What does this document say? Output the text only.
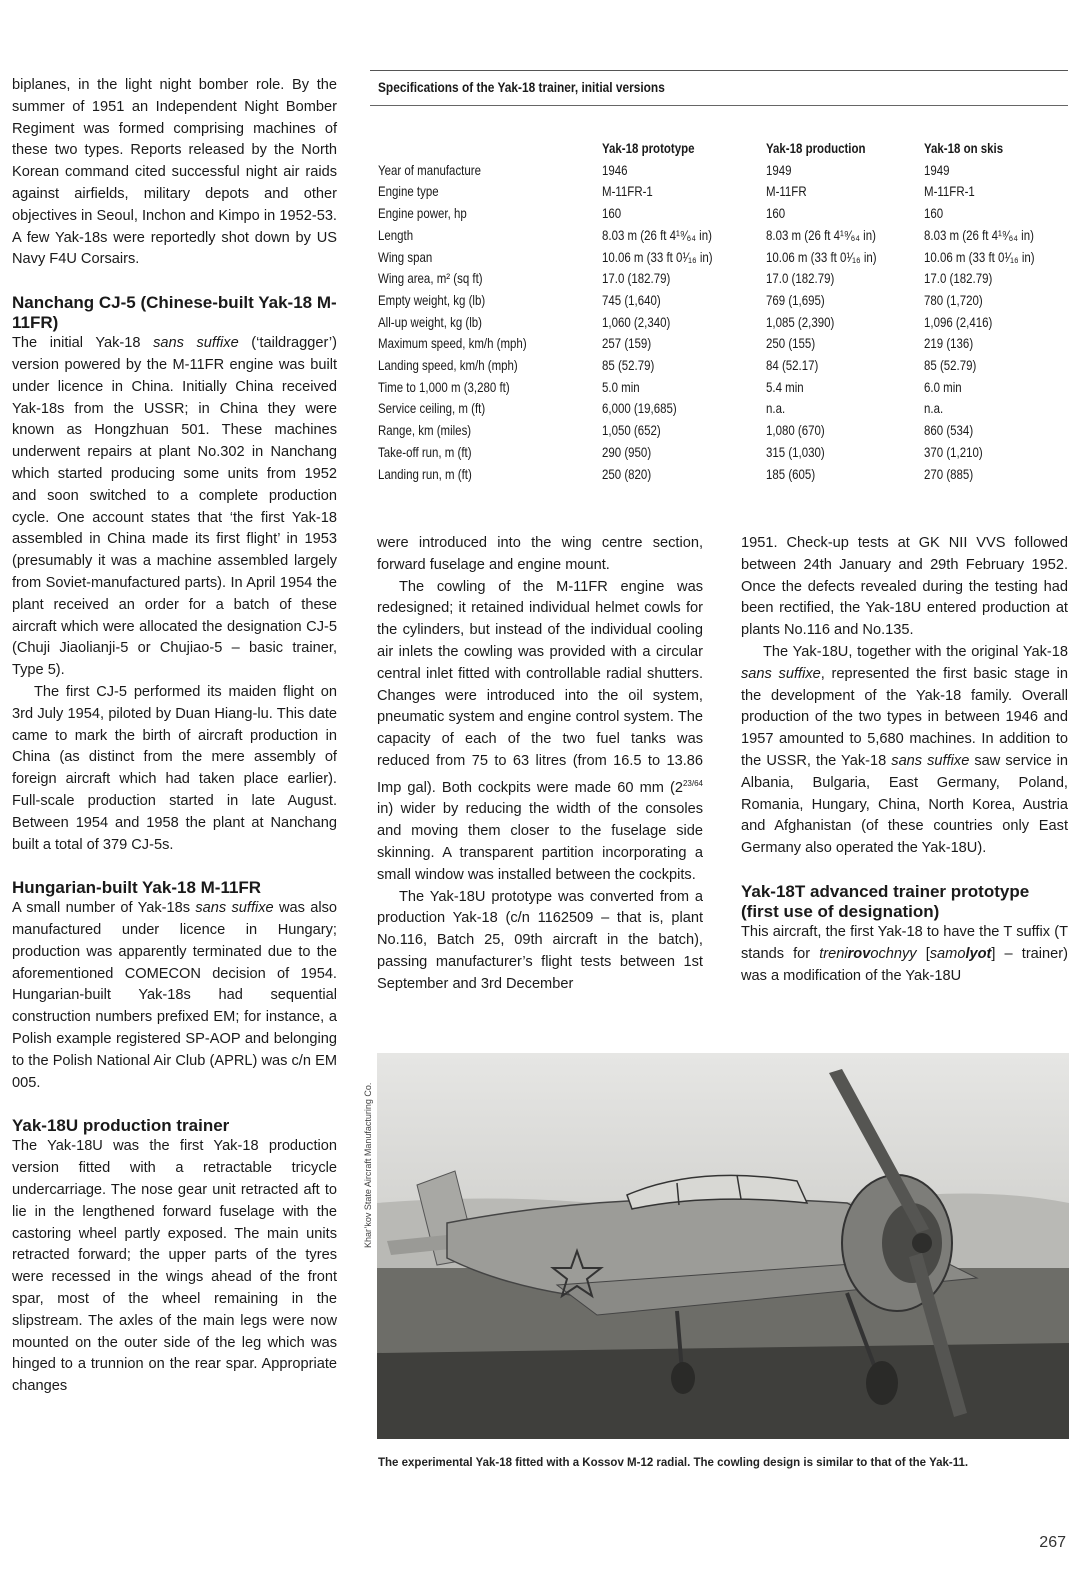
biplanes, in the light night bomber role. By the summer of 1951 an Independent Night Bomber Regiment was formed comprising machines of these two types. Reports released by the North Korean command cited successful night air raids against airfields, military depots and other objectives in Seoul, Inchon and Kimpo in 1952-53. A few Yak-18s were reportedly shot down by US Navy F4U Corsairs.

Nanchang CJ-5 (Chinese-built Yak-18 M-11FR)

The initial Yak-18 sans suffixe (‘taildragger’) version powered by the M-11FR engine was built under licence in China. Initially China received Yak-18s from the USSR; in China they were known as Hongzhuan 501. These machines underwent repairs at plant No.302 in Nanchang which started producing some units from 1952 and soon switched to a complete production cycle. One account states that ‘the first Yak-18 assembled in China made its first flight’ in 1953 (presumably it was a machine assembled largely from Soviet-manufactured parts). In April 1954 the plant received an order for a batch of these aircraft which were allocated the designation CJ-5 (Chuji Jiaolianji-5 or Chujiao-5 – basic trainer, Type 5).

The first CJ-5 performed its maiden flight on 3rd July 1954, piloted by Duan Hiang-lu. This date came to mark the birth of aircraft production in China (as distinct from the mere assembly of foreign aircraft which had taken place earlier). Full-scale production started in late August. Between 1954 and 1958 the plant at Nanchang built a total of 379 CJ-5s.

Hungarian-built Yak-18 M-11FR

A small number of Yak-18s sans suffixe was also manufactured under licence in Hungary; production was apparently terminated due to the aforementioned COMECON decision of 1954. Hungarian-built Yak-18s had sequential construction numbers prefixed EM; for instance, a Polish example registered SP-AOP and belonging to the Polish National Air Club (APRL) was c/n EM 005.

Yak-18U production trainer

The Yak-18U was the first Yak-18 production version fitted with a retractable tricycle undercarriage. The nose gear unit retracted aft to lie in the lengthened forward fuselage with the castoring wheel partly exposed. The main units retracted forward; the upper parts of the tyres were recessed in the wings ahead of the front spar, most of the wheel remaining in the slipstream. The axles of the main legs were now mounted on the outer side of the leg which was hinged to a trunnion on the rear spar. Appropriate changes

Specifications of the Yak-18 trainer, initial versions
	Yak-18 prototype	Yak-18 production	Yak-18 on skis
Year of manufacture	1946	1949	1949
Engine type	M-11FR-1	M-11FR	M-11FR-1
Engine power, hp	160	160	160
Length	8.03 m (26 ft 4¹⁹⁄₆₄ in)	8.03 m (26 ft 4¹⁹⁄₆₄ in)	8.03 m (26 ft 4¹⁹⁄₆₄ in)
Wing span	10.06 m (33 ft 0¹⁄₁₆ in)	10.06 m (33 ft 0¹⁄₁₆ in)	10.06 m (33 ft 0¹⁄₁₆ in)
Wing area, m² (sq ft)	17.0 (182.79)	17.0 (182.79)	17.0 (182.79)
Empty weight, kg (lb)	745 (1,640)	769 (1,695)	780 (1,720)
All-up weight, kg (lb)	1,060 (2,340)	1,085 (2,390)	1,096 (2,416)
Maximum speed, km/h (mph)	257 (159)	250 (155)	219 (136)
Landing speed, km/h (mph)	85 (52.79)	84 (52.17)	85 (52.79)
Time to 1,000 m (3,280 ft)	5.0 min	5.4 min	6.0 min
Service ceiling, m (ft)	6,000 (19,685)	n.a.	n.a.
Range, km (miles)	1,050 (652)	1,080 (670)	860 (534)
Take-off run, m (ft)	290 (950)	315 (1,030)	370 (1,210)
Landing run, m (ft)	250 (820)	185 (605)	270 (885)

were introduced into the wing centre section, forward fuselage and engine mount.

The cowling of the M-11FR engine was redesigned; it retained individual helmet cowls for the cylinders, but instead of the individual cooling air inlets the cowling was provided with a circular central inlet fitted with controllable radial shutters. Changes were introduced into the oil system, pneumatic system and engine control system. The capacity of each of the two fuel tanks was reduced from 75 to 63 litres (from 16.5 to 13.86 Imp gal). Both cockpits were made 60 mm ($2^{23/64}$ in) wider by reducing the width of the consoles and moving them closer to the fuselage side skinning. A transparent partition incorporating a small window was installed between the cockpits.

The Yak-18U prototype was converted from a production Yak-18 (c/n 1162509 – that is, plant No.116, Batch 25, 09th aircraft in the batch), passing manufacturer’s flight tests between 1st September and 3rd December

1951. Check-up tests at GK NII VVS followed between 24th January and 29th February 1952. Once the defects revealed during the testing had been rectified, the Yak-18U entered production at plants No.116 and No.135.

The Yak-18U, together with the original Yak-18 sans suffixe, represented the first basic stage in the development of the Yak-18 family. Overall production of the two types in between 1946 and 1957 amounted to 5,680 machines. In addition to the USSR, the Yak-18 sans suffixe saw service in Albania, Bulgaria, East Germany, Poland, Romania, Hungary, China, North Korea, Austria and Afghanistan (of these countries only East Germany also operated the Yak-18U).

Yak-18T advanced trainer prototype (first use of designation)

This aircraft, the first Yak-18 to have the T suffix (T stands for trenirovochnyy [samolyot] – trainer) was a modification of the Yak-18U

Khar’kov State Aircraft Manufacturing Co.
The experimental Yak-18 fitted with a Kossov M-12 radial. The cowling design is similar to that of the Yak-11.
267
